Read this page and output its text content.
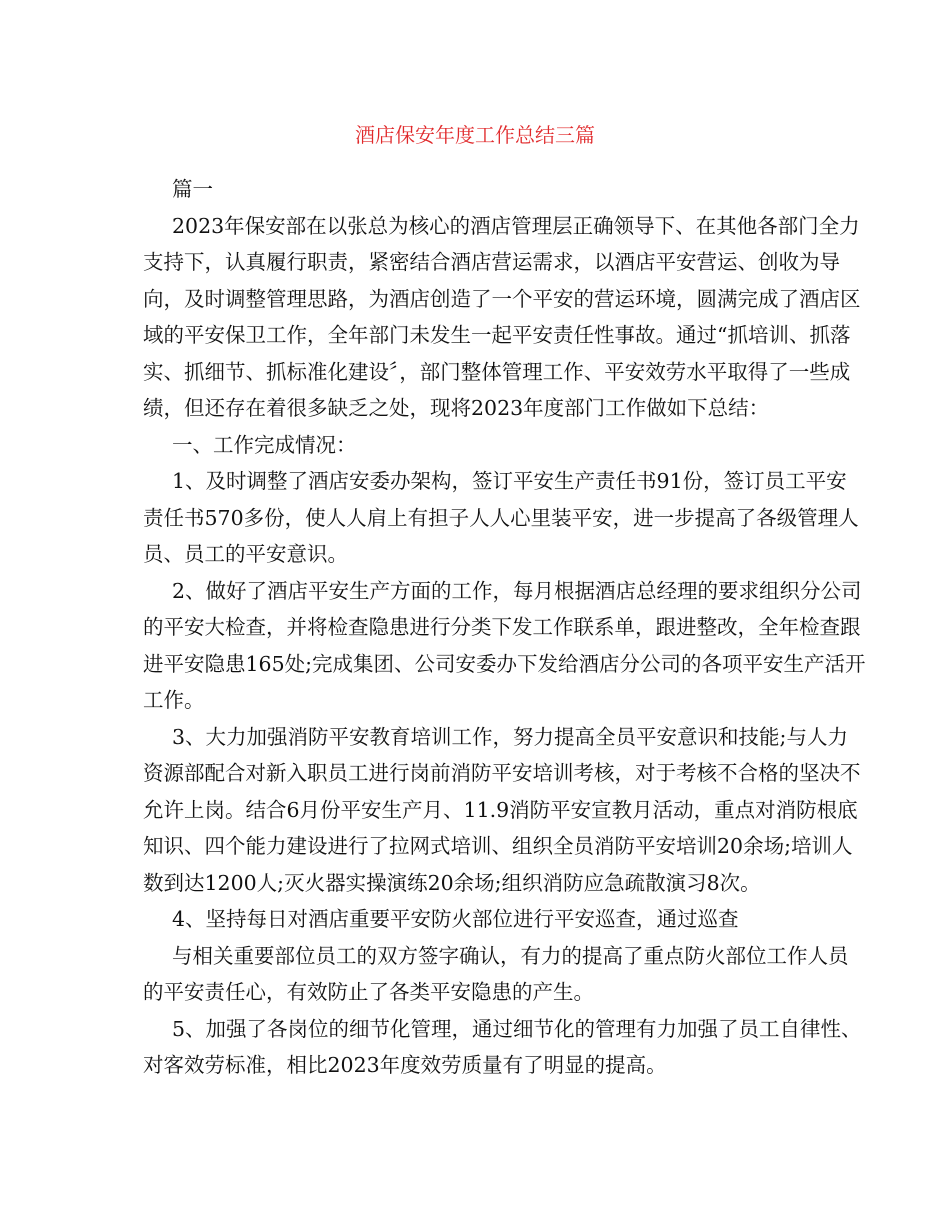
酒店保安年度工作总结三篇
篇一
2023年保安部在以张总为核心的酒店管理层正确领导下、在其他各部门全力
支持下，认真履行职责，紧密结合酒店营运需求，以酒店平安营运、创收为导
向，及时调整管理思路，为酒店创造了一个平安的营运环境，圆满完成了酒店区
域的平安保卫工作，全年部门未发生一起平安责任性事故。通过“抓培训、抓落
实、抓细节、抓标准化建设〞，部门整体管理工作、平安效劳水平取得了一些成
绩，但还存在着很多缺乏之处，现将2023年度部门工作做如下总结：
一、工作完成情况：
1、及时调整了酒店安委办架构，签订平安生产责任书91份，签订员工平安
责任书570多份，使人人肩上有担子人人心里装平安，进一步提高了各级管理人
员、员工的平安意识。
2、做好了酒店平安生产方面的工作，每月根据酒店总经理的要求组织分公司
的平安大检查，并将检查隐患进行分类下发工作联系单，跟进整改，全年检查跟
进平安隐患165处;完成集团、公司安委办下发给酒店分公司的各项平安生产活开
工作。
3、大力加强消防平安教育培训工作，努力提高全员平安意识和技能;与人力
资源部配合对新入职员工进行岗前消防平安培训考核，对于考核不合格的坚决不
允许上岗。结合6月份平安生产月、11.9消防平安宣教月活动，重点对消防根底
知识、四个能力建设进行了拉网式培训、组织全员消防平安培训20余场;培训人
数到达1200人;灭火器实操演练20余场;组织消防应急疏散演习8次。
4、坚持每日对酒店重要平安防火部位进行平安巡查，通过巡查
与相关重要部位员工的双方签字确认，有力的提高了重点防火部位工作人员
的平安责任心，有效防止了各类平安隐患的产生。
5、加强了各岗位的细节化管理，通过细节化的管理有力加强了员工自律性、
对客效劳标准，相比2023年度效劳质量有了明显的提高。
